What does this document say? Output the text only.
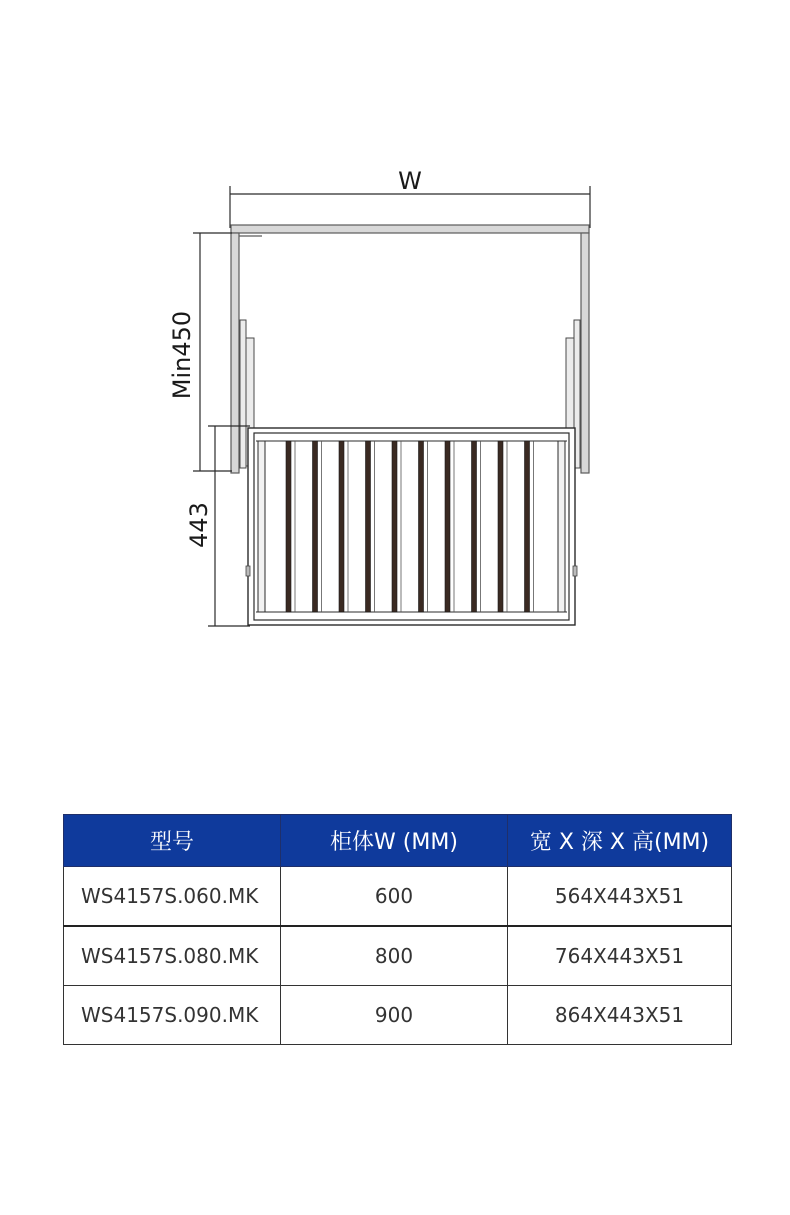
W
Min450
443
型号	柜体W (MM)	宽 X 深 X 高(MM)
WS4157S.060.MK	600	564X443X51
WS4157S.080.MK	800	764X443X51
WS4157S.090.MK	900	864X443X51
